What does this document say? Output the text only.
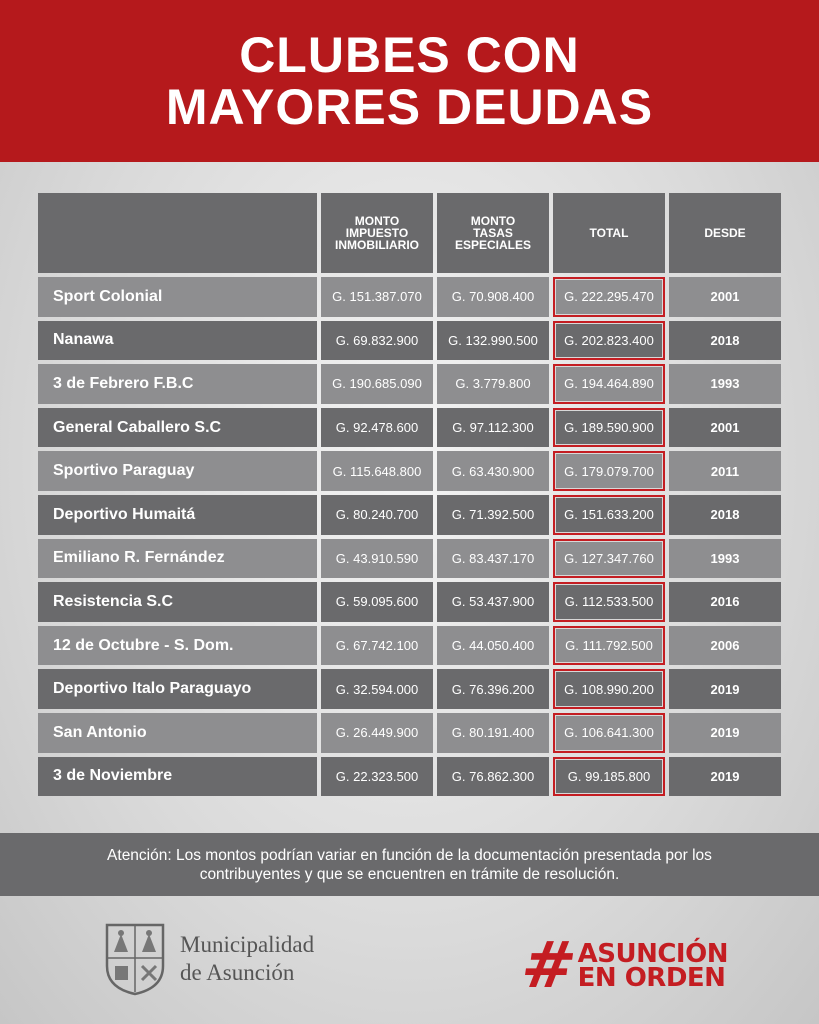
CLUBES CON
MAYORES DEUDAS
MONTO
IMPUESTO
INMOBILIARIO
MONTO
TASAS
ESPECIALES
TOTAL	DESDE
Sport Colonial	G. 151.387.070 G. 70.908.400 G. 222.295.470	2001
Nanawa	G. 69.832.900 G. 132.990.500 G. 202.823.400	2018
3 de Febrero F.B.C	G. 190.685.090	G. 3.779.800	G. 194.464.890	1993
General Caballero S.C	G. 92.478.600	G. 97.112.300 G. 189.590.900	2001
Sportivo Paraguay	G. 115.648.800 G. 63.430.900 G. 179.079.700	2011
Deportivo Humaitá	G. 80.240.700	G. 71.392.500 G. 151.633.200	2018
Emiliano R. Fernández	G. 43.910.590	G. 83.437.170 G. 127.347.760	1993
Resistencia S.C	G. 59.095.600	G. 53.437.900 G. 112.533.500	2016
12 de Octubre - S. Dom.	G. 67.742.100	G. 44.050.400 G. 111.792.500	2006
Deportivo Italo Paraguayo	G. 32.594.000	G. 76.396.200 G. 108.990.200	2019
San Antonio	G. 26.449.900	G. 80.191.400 G. 106.641.300	2019
3 de Noviembre	G. 22.323.500	G. 76.862.300	G. 99.185.800	2019
Atención: Los montos podrían variar en función de la documentación presentada por los
contribuyentes y que se encuentren en trámite de resolución.
Municipalidad
de Asunción	#
ASUNCIÓN
EN ORDEN
